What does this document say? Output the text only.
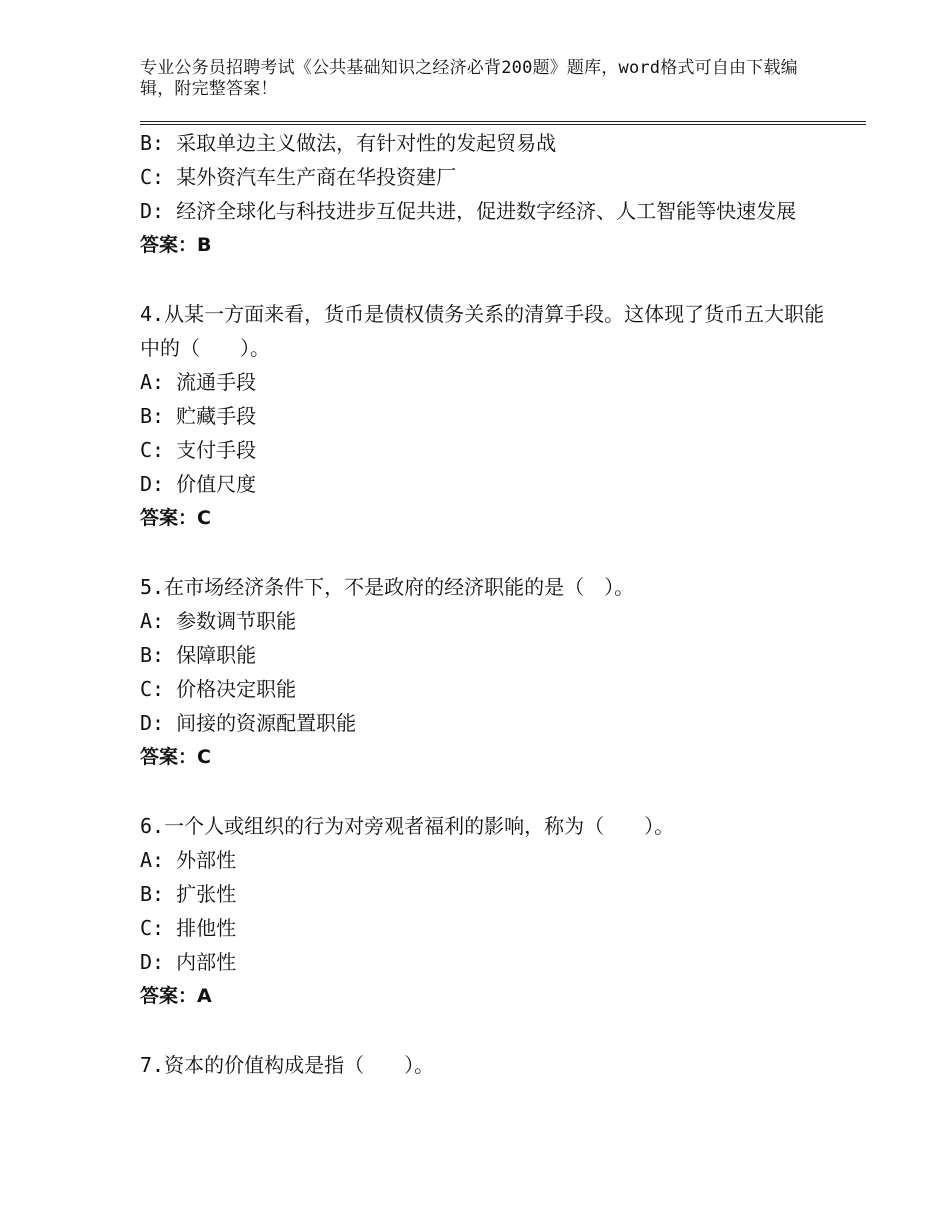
专业公务员招聘考试《公共基础知识之经济必背200题》题库，word格式可自由下载编辑，附完整答案！

B: 采取单边主义做法，有针对性的发起贸易战

C: 某外资汽车生产商在华投资建厂

D: 经济全球化与科技进步互促共进，促进数字经济、人工智能等快速发展

答案：B

4.从某一方面来看，货币是债权债务关系的清算手段。这体现了货币五大职能中的（　　）。

A: 流通手段

B: 贮藏手段

C: 支付手段

D: 价值尺度

答案：C

5.在市场经济条件下，不是政府的经济职能的是（　）。

A: 参数调节职能

B: 保障职能

C: 价格决定职能

D: 间接的资源配置职能

答案：C

6.一个人或组织的行为对旁观者福利的影响，称为（　　）。

A: 外部性

B: 扩张性

C: 排他性

D: 内部性

答案：A

7.资本的价值构成是指（　　）。
